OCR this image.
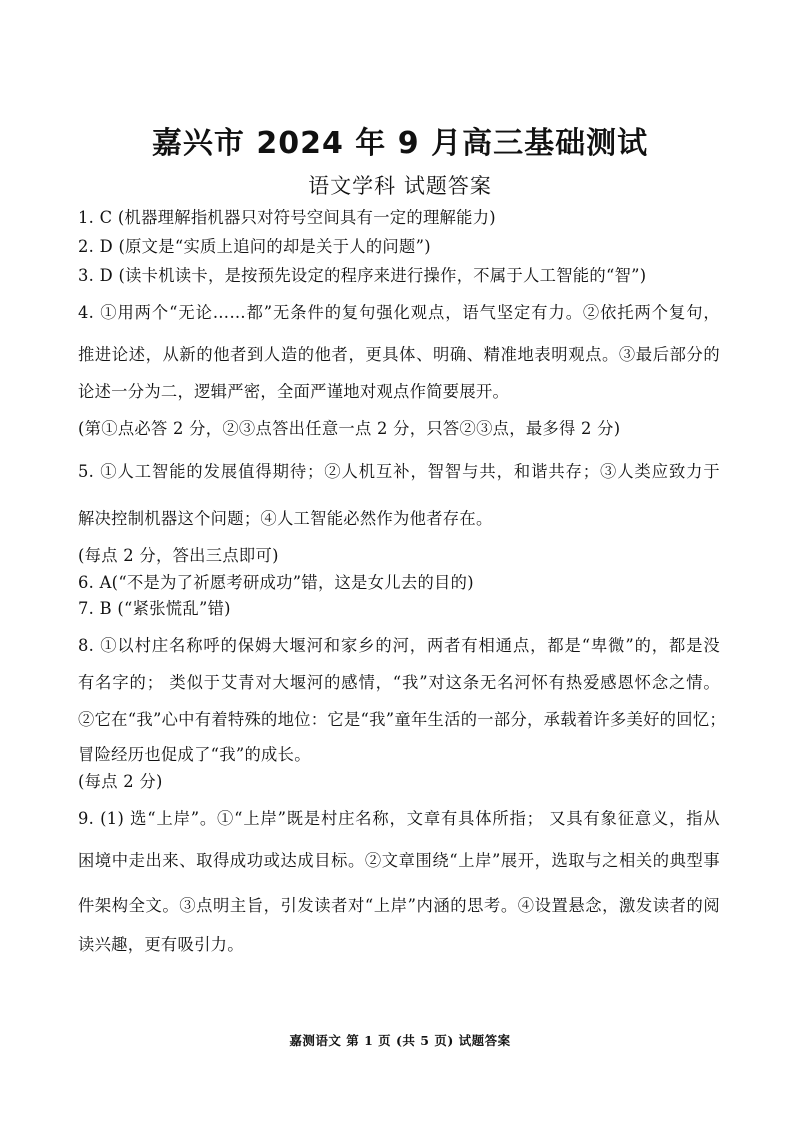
嘉兴市 2024 年 9 月高三基础测试
语文学科 试题答案
1. C (机器理解指机器只对符号空间具有一定的理解能力)
2. D (原文是“实质上追问的却是关于人的问题”)
3. D (读卡机读卡，是按预先设定的程序来进行操作，不属于人工智能的“智”)
4. ①用两个“无论……都”无条件的复句强化观点，语气坚定有力。②依托两个复句，
推进论述，从新的他者到人造的他者，更具体、明确、精准地表明观点。③最后部分的
论述一分为二，逻辑严密，全面严谨地对观点作简要展开。
(第①点必答 2 分，②③点答出任意一点 2 分，只答②③点，最多得 2 分)
5. ①人工智能的发展值得期待；②人机互补，智智与共，和谐共存；③人类应致力于
解决控制机器这个问题；④人工智能必然作为他者存在。
(每点 2 分，答出三点即可)
6. A(“不是为了祈愿考研成功”错，这是女儿去的目的)
7. B (“紧张慌乱”错)
8. ①以村庄名称呼的保姆大堰河和家乡的河，两者有相通点，都是“卑微”的，都是没
有名字的； 类似于艾青对大堰河的感情，“我”对这条无名河怀有热爱感恩怀念之情。
②它在“我”心中有着特殊的地位：它是“我”童年生活的一部分，承载着许多美好的回忆；
冒险经历也促成了“我”的成长。
(每点 2 分)
9. (1) 选“上岸”。①“上岸”既是村庄名称，文章有具体所指； 又具有象征意义，指从
困境中走出来、取得成功或达成目标。②文章围绕“上岸”展开，选取与之相关的典型事
件架构全文。③点明主旨，引发读者对“上岸”内涵的思考。④设置悬念，激发读者的阅
读兴趣，更有吸引力。
嘉测语文 第 1 页 (共 5 页) 试题答案
